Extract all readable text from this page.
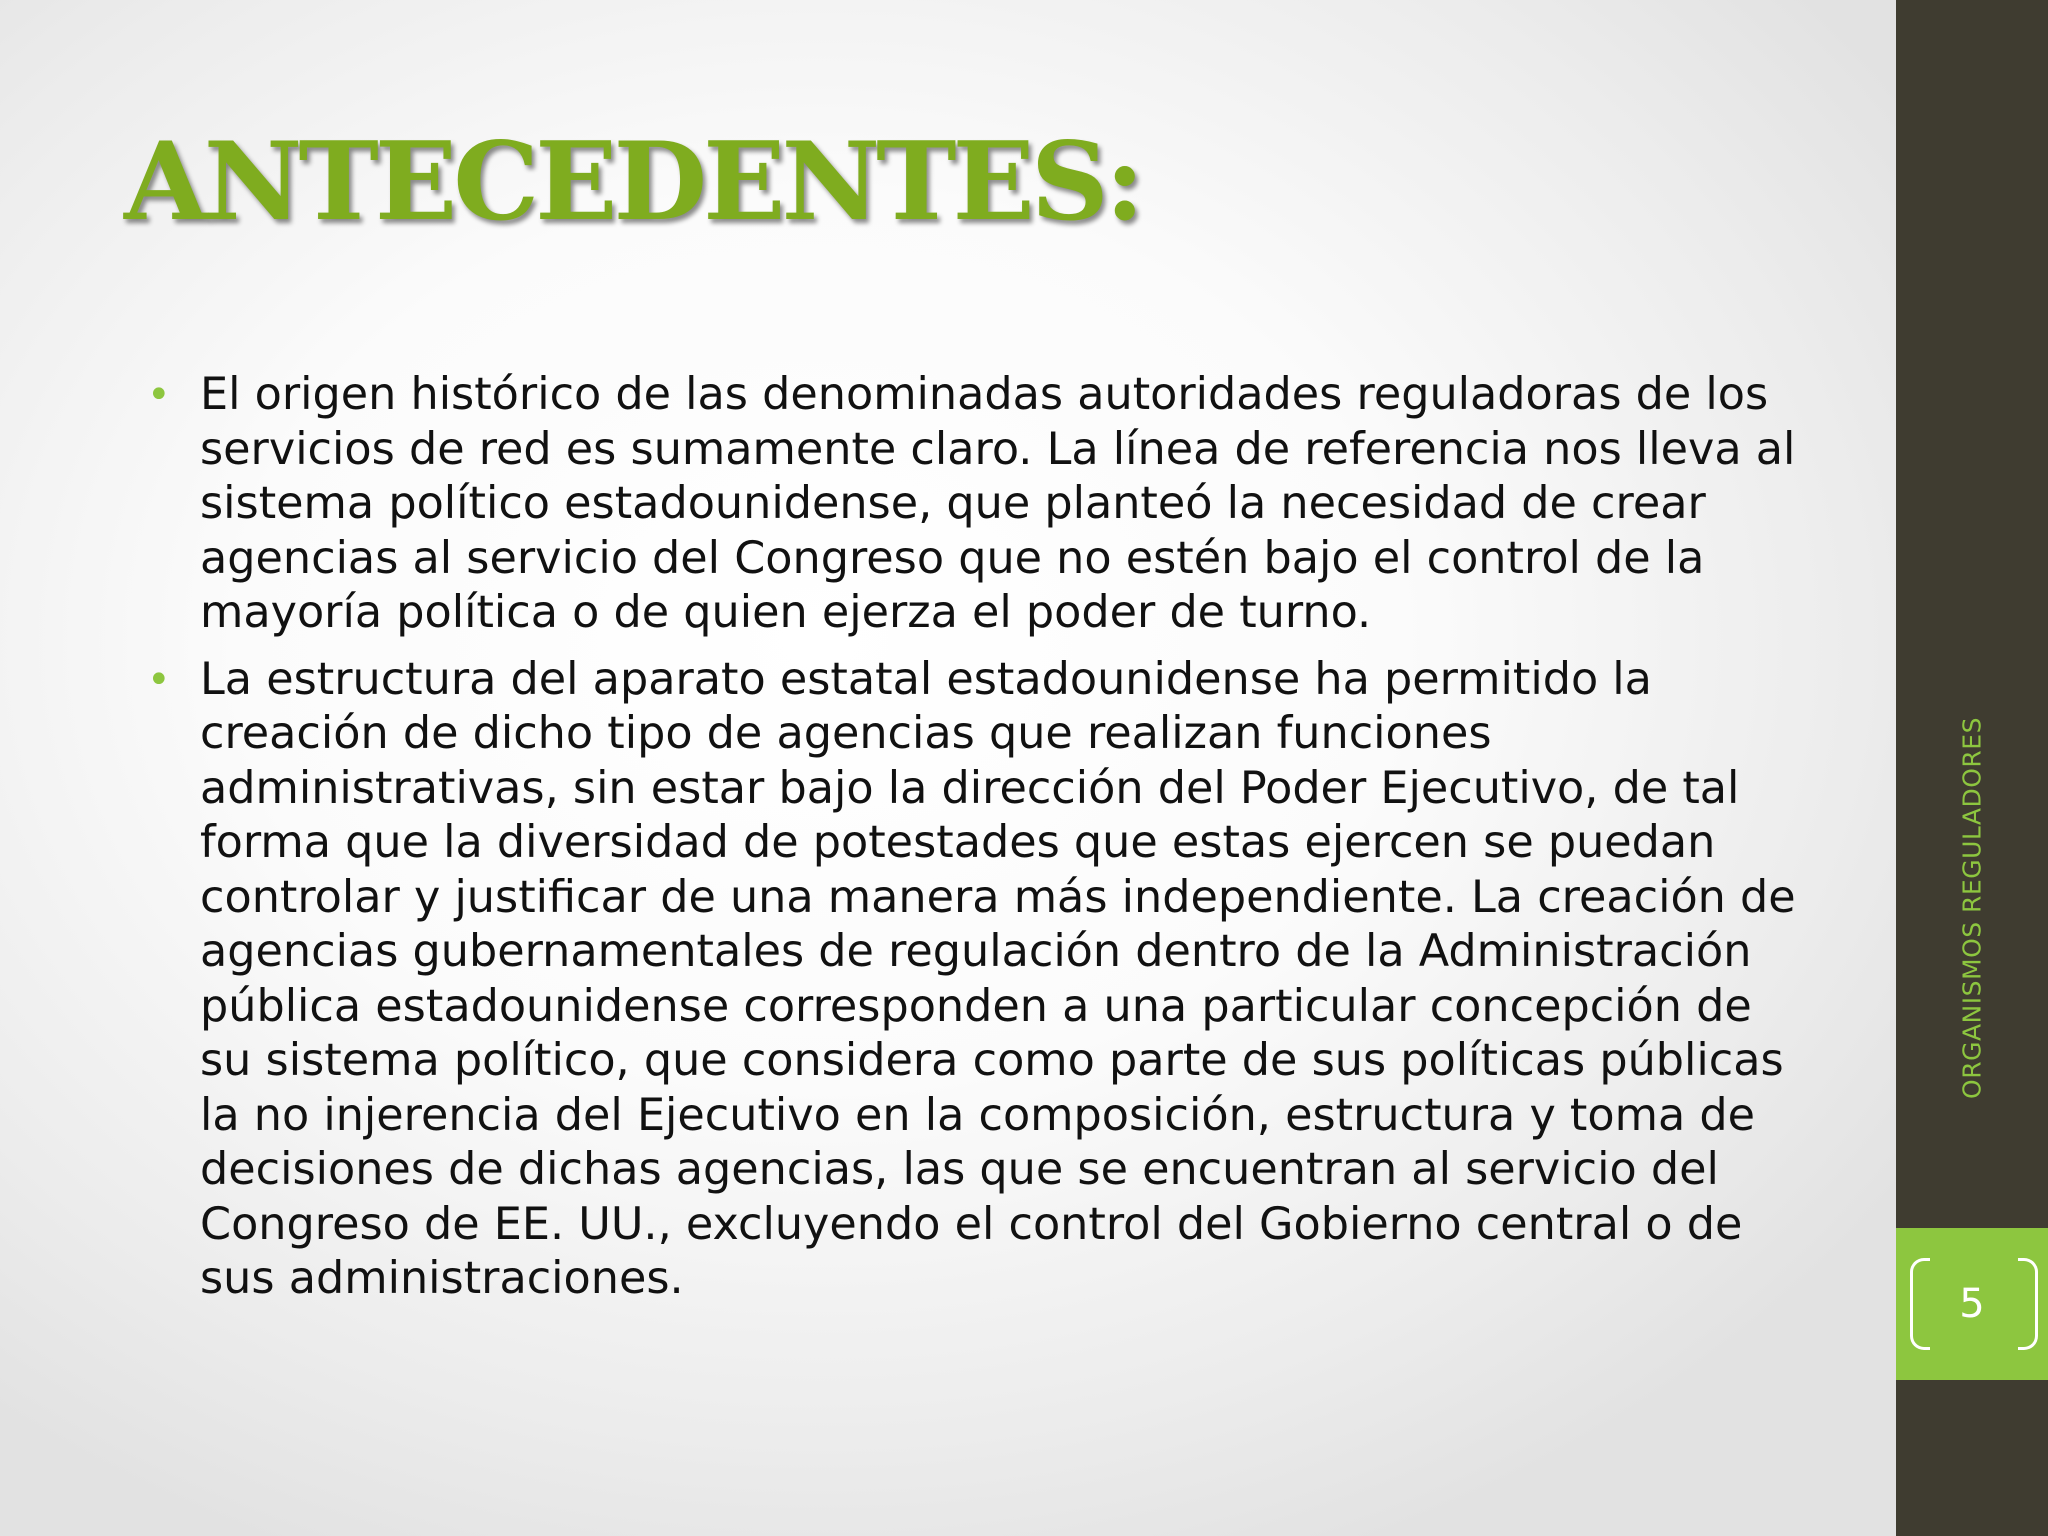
ANTECEDENTES:
• El origen histórico de las denominadas autoridades reguladoras de los servicios de red es sumamente claro. La línea de referencia nos lleva al sistema político estadounidense, que planteó la necesidad de crear agencias al servicio del Congreso que no estén bajo el control de la mayoría política o de quien ejerza el poder de turno.
• La estructura del aparato estatal estadounidense ha permitido la creación de dicho tipo de agencias que realizan funciones administrativas, sin estar bajo la dirección del Poder Ejecutivo, de tal forma que la diversidad de potestades que estas ejercen se puedan controlar y justificar de una manera más independiente. La creación de agencias gubernamentales de regulación dentro de la Administración pública estadounidense corresponden a una particular concepción de su sistema político, que considera como parte de sus políticas públicas la no injerencia del Ejecutivo en la composición, estructura y toma de decisiones de dichas agencias, las que se encuentran al servicio del Congreso de EE. UU., excluyendo el control del Gobierno central o de sus administraciones.
ORGANISMOS REGULADORES
5
